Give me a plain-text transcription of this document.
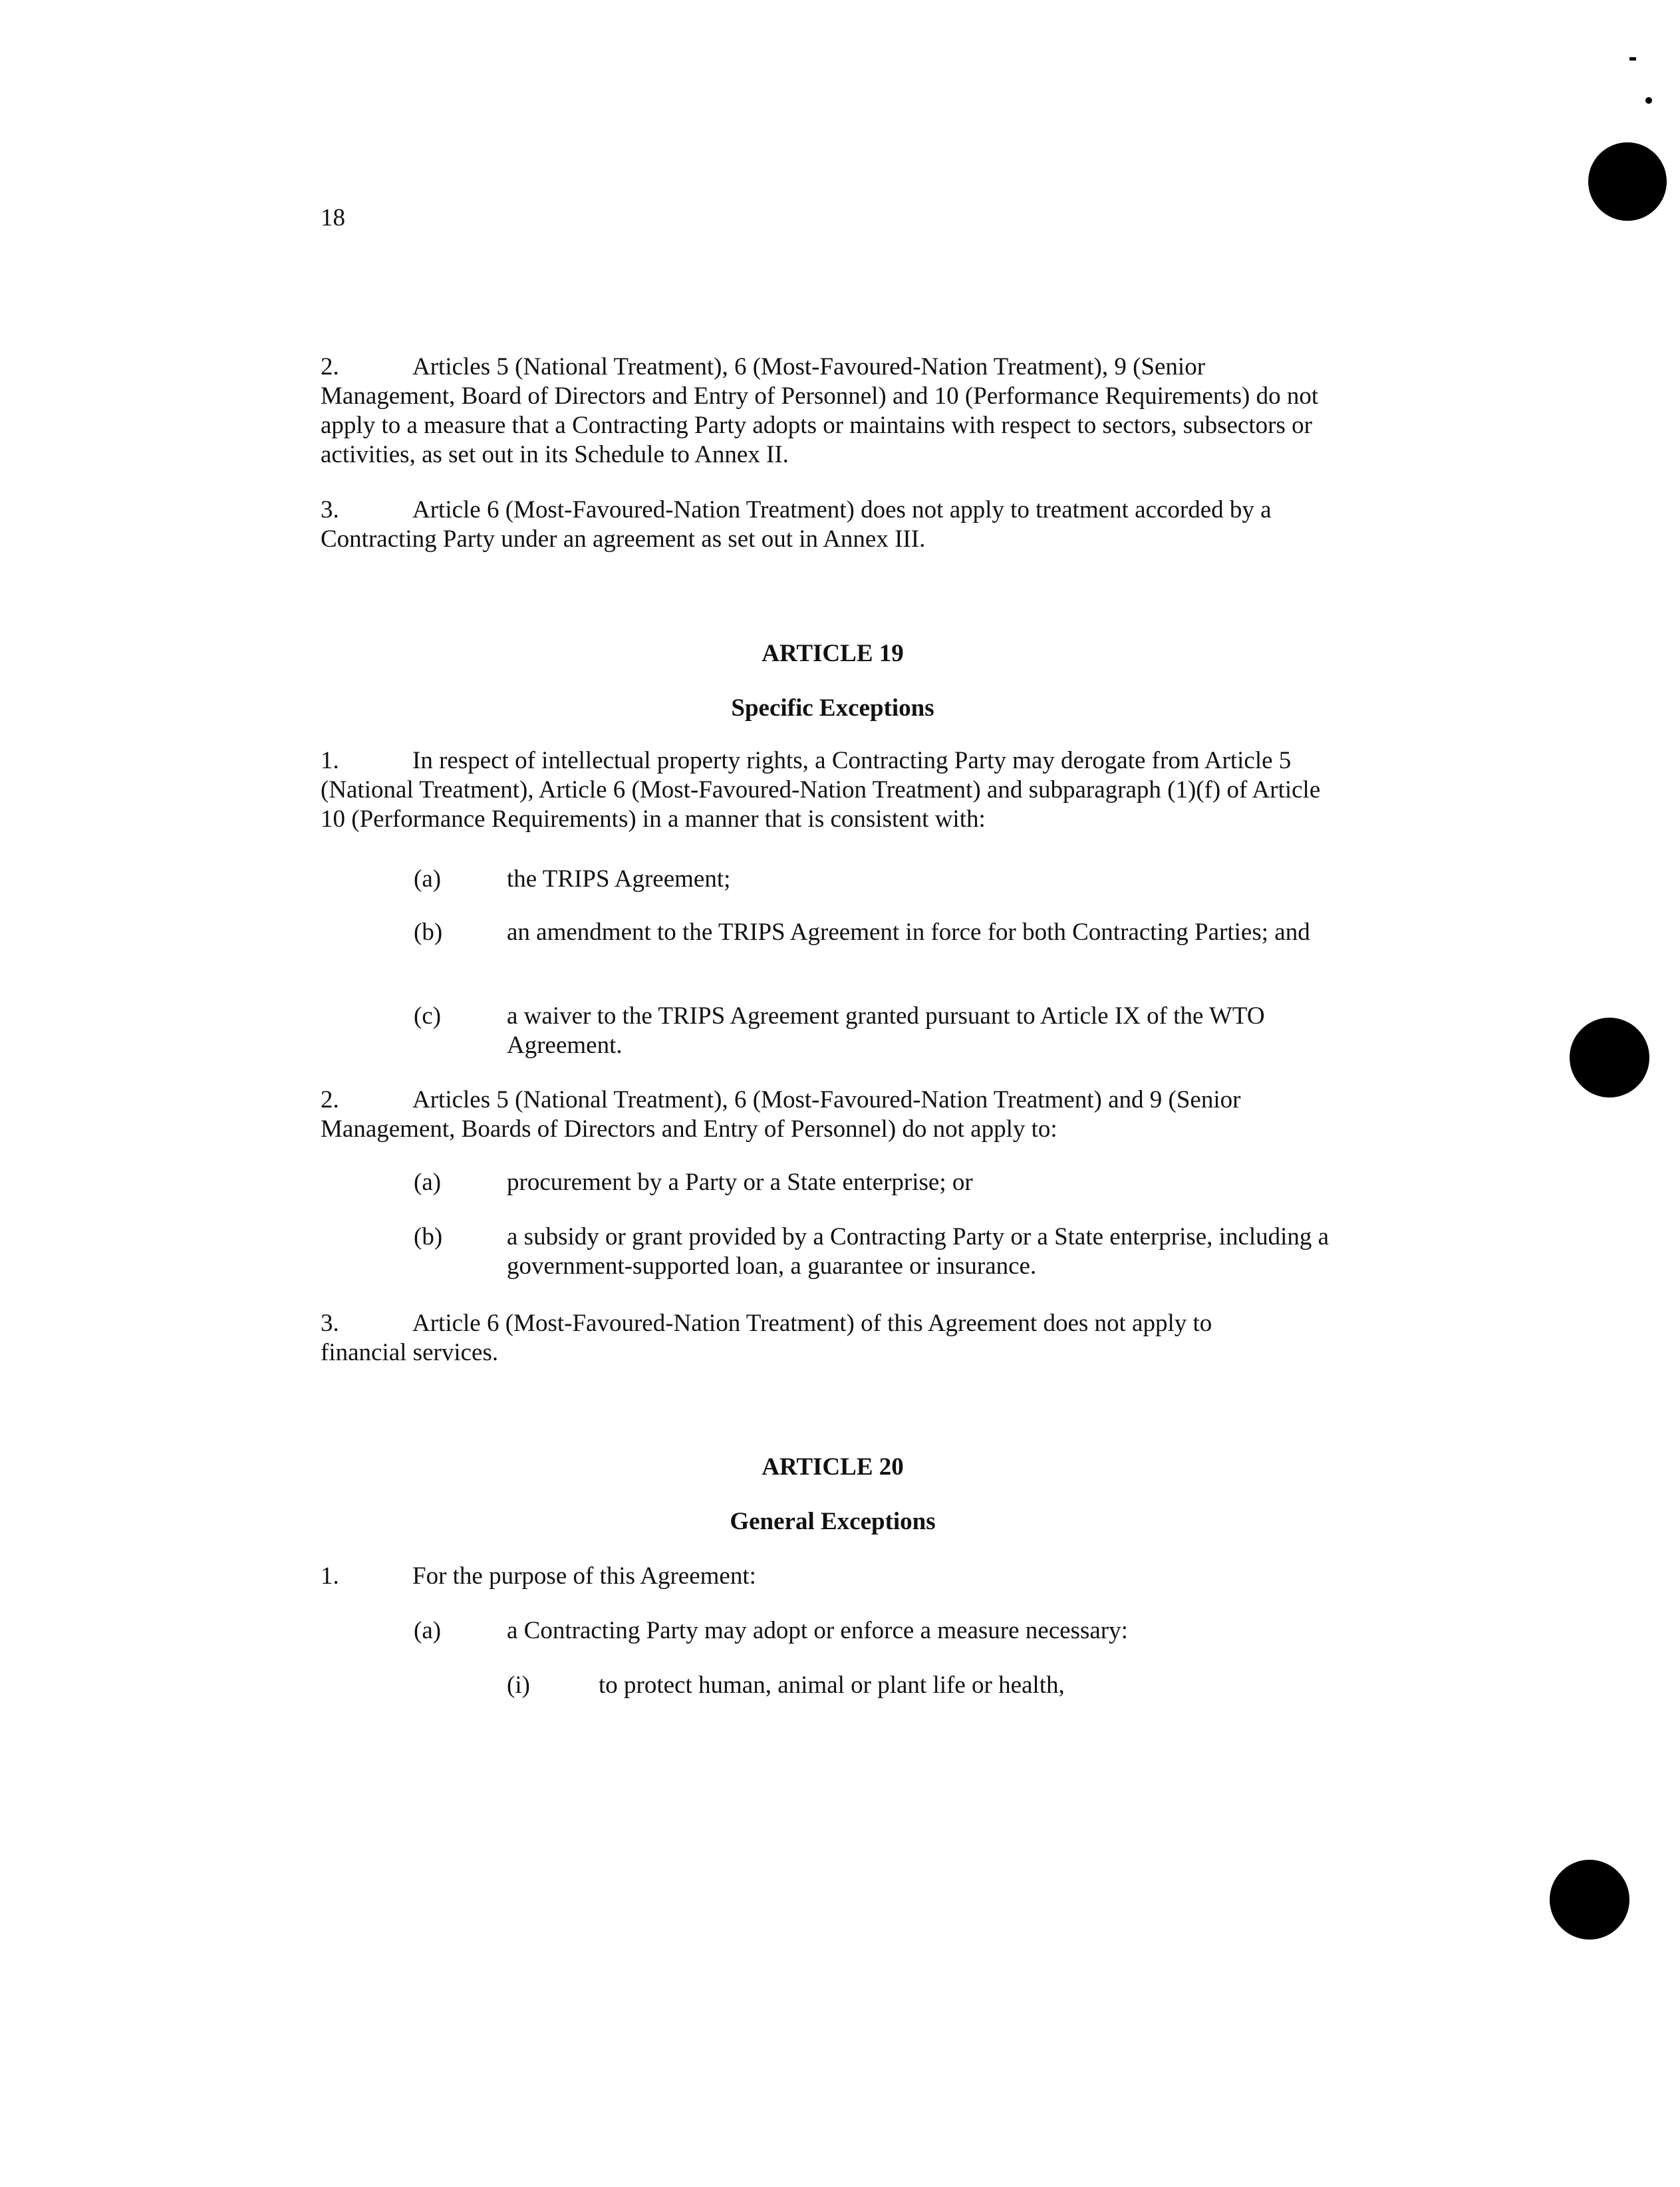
18
2.	Articles 5 (National Treatment), 6 (Most-Favoured-Nation Treatment), 9 (Senior Management, Board of Directors and Entry of Personnel) and 10 (Performance Requirements) do not apply to a measure that a Contracting Party adopts or maintains with respect to sectors, subsectors or activities, as set out in its Schedule to Annex II.
3.	Article 6 (Most-Favoured-Nation Treatment) does not apply to treatment accorded by a Contracting Party under an agreement as set out in Annex III.
ARTICLE 19
Specific Exceptions
1.	In respect of intellectual property rights, a Contracting Party may derogate from Article 5 (National Treatment), Article 6 (Most-Favoured-Nation Treatment) and subparagraph (1)(f) of Article 10 (Performance Requirements) in a manner that is consistent with:
(a)	the TRIPS Agreement;
(b)	an amendment to the TRIPS Agreement in force for both Contracting Parties; and
(c)	a waiver to the TRIPS Agreement granted pursuant to Article IX of the WTO Agreement.
2.	Articles 5 (National Treatment), 6 (Most-Favoured-Nation Treatment) and 9 (Senior Management, Boards of Directors and Entry of Personnel) do not apply to:
(a)	procurement by a Party or a State enterprise; or
(b)	a subsidy or grant provided by a Contracting Party or a State enterprise, including a government-supported loan, a guarantee or insurance.
3.	Article 6 (Most-Favoured-Nation Treatment) of this Agreement does not apply to financial services.
ARTICLE 20
General Exceptions
1.	For the purpose of this Agreement:
(a)	a Contracting Party may adopt or enforce a measure necessary:
(i)	to protect human, animal or plant life or health,
